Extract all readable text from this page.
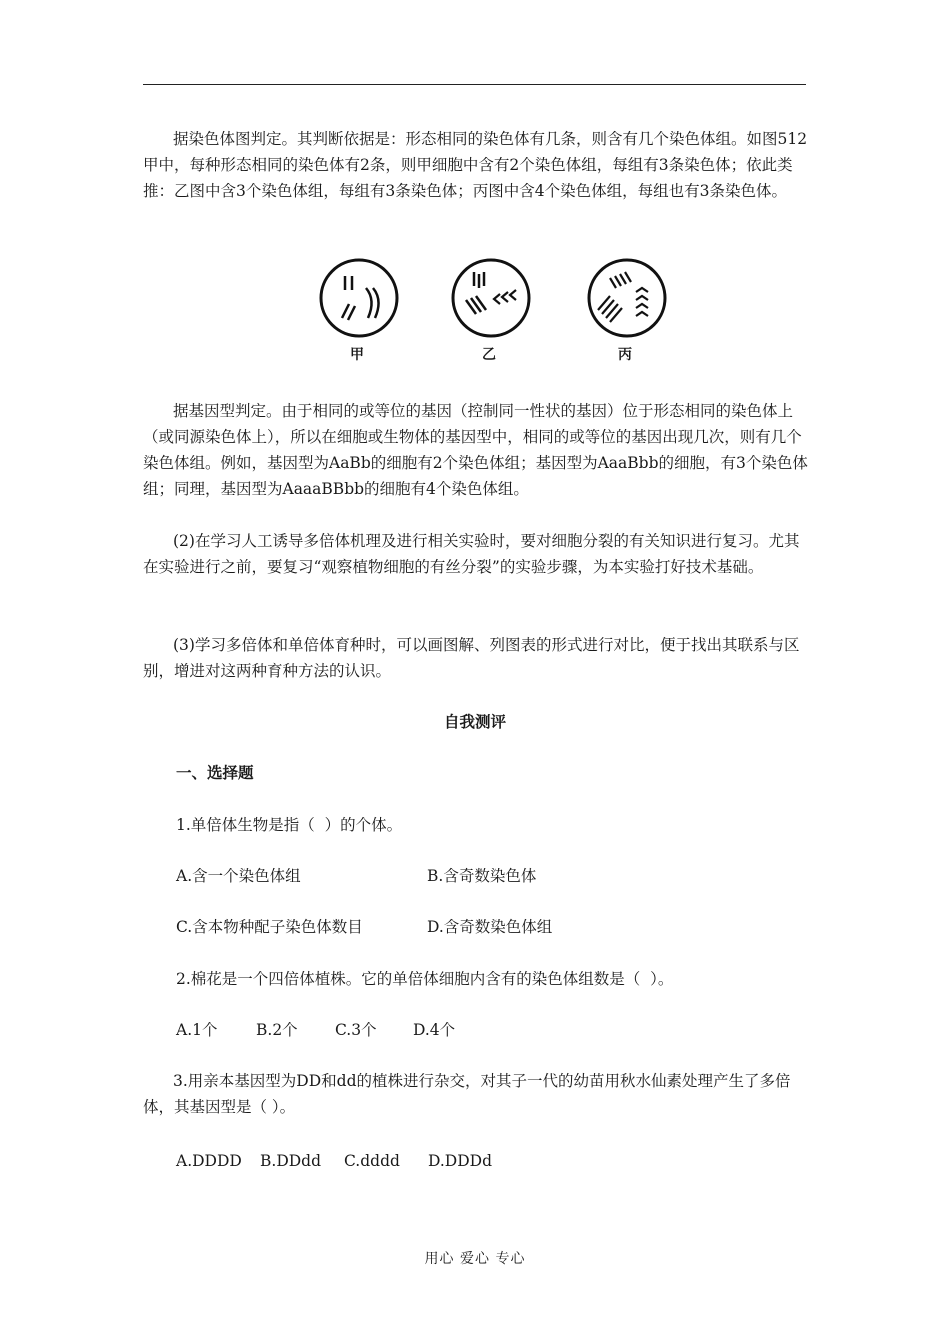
据染色体图判定。其判断依据是：形态相同的染色体有几条，则含有几个染色体组。如图512甲中，每种形态相同的染色体有2条，则甲细胞中含有2个染色体组，每组有3条染色体；依此类推：乙图中含3个染色体组，每组有3条染色体；丙图中含4个染色体组，每组也有3条染色体。

甲	乙	丙

据基因型判定。由于相同的或等位的基因（控制同一性状的基因）位于形态相同的染色体上（或同源染色体上），所以在细胞或生物体的基因型中，相同的或等位的基因出现几次，则有几个染色体组。例如，基因型为AaBb的细胞有2个染色体组；基因型为AaaBbb的细胞，有3个染色体组；同理，基因型为AaaaBBbb的细胞有4个染色体组。

(2)在学习人工诱导多倍体机理及进行相关实验时，要对细胞分裂的有关知识进行复习。尤其在实验进行之前，要复习“观察植物细胞的有丝分裂”的实验步骤，为本实验打好技术基础。

(3)学习多倍体和单倍体育种时，可以画图解、列图表的形式进行对比，便于找出其联系与区别，增进对这两种育种方法的认识。

自我测评
一、选择题
1.单倍体生物是指（  ）的个体。
A.含一个染色体组	B.含奇数染色体
C.含本物种配子染色体数目	D.含奇数染色体组
2.棉花是一个四倍体植株。它的单倍体细胞内含有的染色体组数是（  ）。
A.1个 B.2个 C.3个 D.4个

3.用亲本基因型为DD和dd的植株进行杂交，对其子一代的幼苗用秋水仙素处理产生了多倍体，其基因型是（ ）。

A.DDDD B.DDdd C.dddd D.DDDd
用心 爱心 专心
